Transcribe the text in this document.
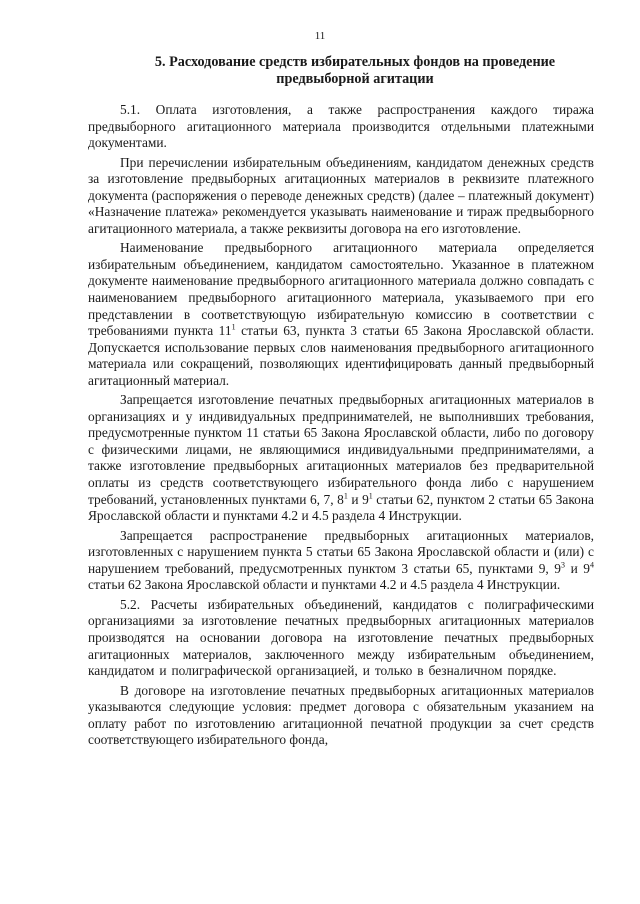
11
5. Расходование средств избирательных фондов на проведение предвыборной агитации

5.1. Оплата изготовления, а также распространения каждого тиража предвыборного агитационного материала производится отдельными платежными документами.

При перечислении избирательным объединениям, кандидатом денежных средств за изготовление предвыборных агитационных материалов в реквизите платежного документа (распоряжения о переводе денежных средств) (далее – платежный документ) «Назначение платежа» рекомендуется указывать наименование и тираж предвыборного агитационного материала, а также реквизиты договора на его изготовление.

Наименование предвыборного агитационного материала определяется избирательным объединением, кандидатом самостоятельно. Указанное в платежном документе наименование предвыборного агитационного материала должно совпадать с наименованием предвыборного агитационного материала, указываемого при его представлении в соответствующую избирательную комиссию в соответствии с требованиями пункта $11^1$ статьи 63, пункта 3 статьи 65 Закона Ярославской области. Допускается использование первых слов наименования предвыборного агитационного материала или сокращений, позволяющих идентифицировать данный предвыборный агитационный материал.

Запрещается изготовление печатных предвыборных агитационных материалов в организациях и у индивидуальных предпринимателей, не выполнивших требования, предусмотренные пунктом 11 статьи 65 Закона Ярославской области, либо по договору с физическими лицами, не являющимися индивидуальными предпринимателями, а также изготовление предвыборных агитационных материалов без предварительной оплаты из средств соответствующего избирательного фонда либо с нарушением требований, установленных пунктами 6, 7, $8^1$ и $9^1$ статьи 62, пунктом 2 статьи 65 Закона Ярославской области и пунктами 4.2 и 4.5 раздела 4 Инструкции.

Запрещается распространение предвыборных агитационных материалов, изготовленных с нарушением пункта 5 статьи 65 Закона Ярославской области и (или) с нарушением требований, предусмотренных пунктом 3 статьи 65, пунктами 9, $9^3$ и $9^4$ статьи 62 Закона Ярославской области и пунктами 4.2 и 4.5 раздела 4 Инструкции.

5.2. Расчеты избирательных объединений, кандидатов с полиграфическими организациями за изготовление печатных предвыборных агитационных материалов производятся на основании договора на изготовление печатных предвыборных агитационных материалов, заключенного между избирательным объединением, кандидатом и полиграфической организацией, и только в безналичном порядке.

В договоре на изготовление печатных предвыборных агитационных материалов указываются следующие условия: предмет договора с обязательным указанием на оплату работ по изготовлению агитационной печатной продукции за счет средств соответствующего избирательного фонда,
